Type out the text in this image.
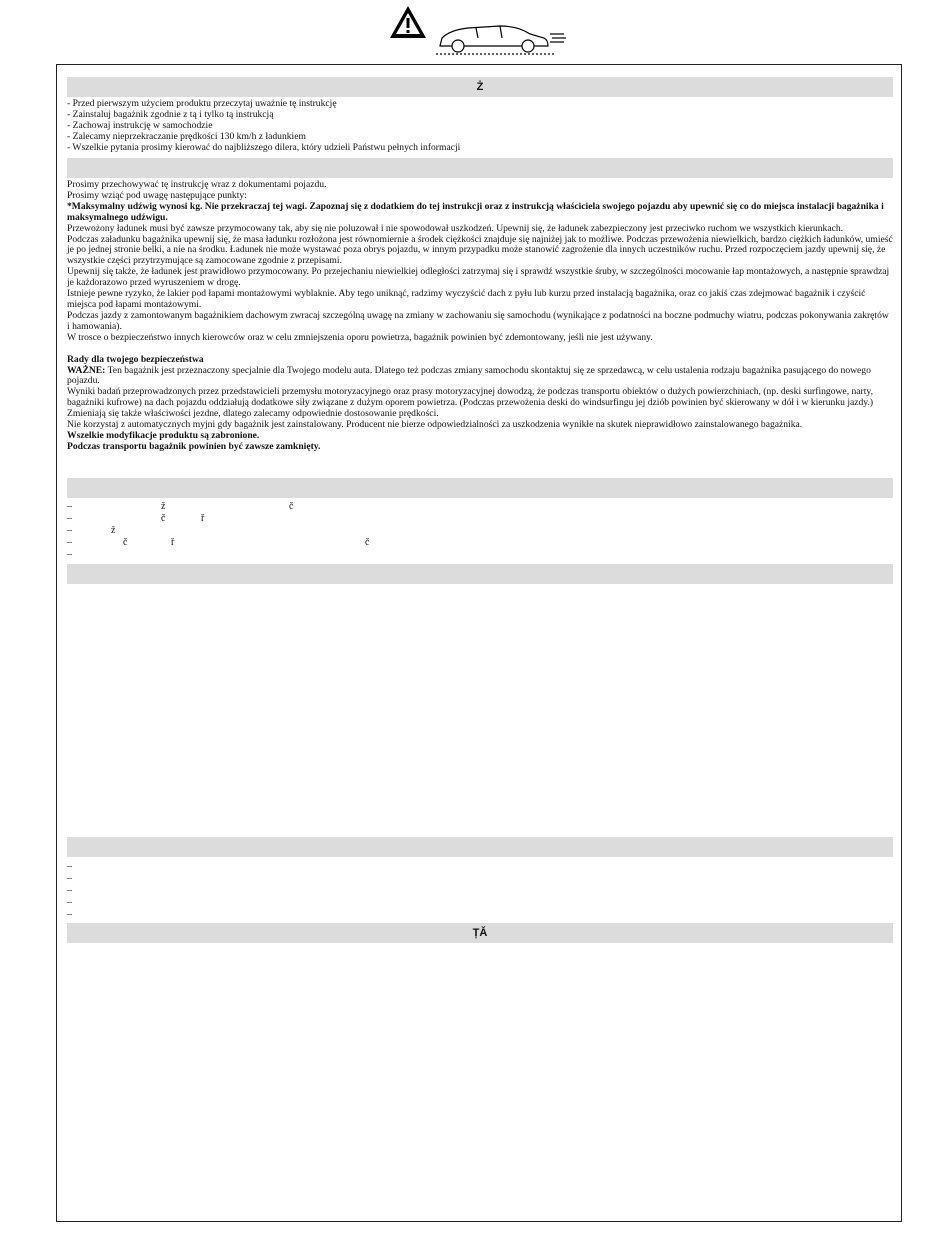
Ż

- Przed pierwszym użyciem produktu przeczytaj uważnie tę instrukcję

- Zainstaluj bagażnik zgodnie z tą i tylko tą instrukcją

- Zachowaj instrukcję w samochodzie

- Zalecamy nieprzekraczanie prędkości 130 km/h z ładunkiem

- Wszelkie pytania prosimy kierować do najbliższego dilera, który udzieli Państwu pełnych informacji

Prosimy przechowywać tę instrukcję wraz z dokumentami pojazdu.

Prosimy wziąć pod uwagę następujące punkty:

*Maksymalny udźwig wynosi kg. Nie przekraczaj tej wagi. Zapoznaj się z dodatkiem do tej instrukcji oraz z instrukcją właściciela swojego pojazdu aby upewnić się co do miejsca instalacji bagażnika i maksymalnego udźwigu.

Przewożony ładunek musi być zawsze przymocowany tak, aby się nie poluzował i nie spowodował uszkodzeń. Upewnij się, że ładunek zabezpieczony jest przeciwko ruchom we wszystkich kierunkach.

Podczas załadunku bagażnika upewnij się, że masa ładunku rozłożona jest równomiernie a środek ciężkości znajduje się najniżej jak to możliwe. Podczas przewożenia niewielkich, bardzo ciężkich ładunków, umieść je po jednej stronie belki, a nie na środku. Ładunek nie może wystawać poza obrys pojazdu, w innym przypadku może stanowić zagrożenie dla innych uczestników ruchu. Przed rozpoczęciem jazdy upewnij się, że wszystkie części przytrzymujące są zamocowane zgodnie z przepisami.

Upewnij się także, że ładunek jest prawidłowo przymocowany. Po przejechaniu niewielkiej odległości zatrzymaj się i sprawdź wszystkie śruby, w szczególności mocowanie łap montażowych, a następnie sprawdzaj je każdorazowo przed wyruszeniem w drogę.

Istnieje pewne ryzyko, że lakier pod łapami montażowymi wyblaknie. Aby tego uniknąć, radzimy wyczyścić dach z pyłu lub kurzu przed instalacją bagażnika, oraz co jakiś czas zdejmować bagażnik i czyścić miejsca pod łapami montażowymi.

Podczas jazdy z zamontowanym bagażnikiem dachowym zwracaj szczególną uwagę na zmiany w zachowaniu się samochodu (wynikające z podatności na boczne podmuchy wiatru, podczas pokonywania zakrętów i hamowania).

W trosce o bezpieczeństwo innych kierowców oraz w celu zmniejszenia oporu powietrza, bagażnik powinien być zdemontowany, jeśli nie jest używany.

Rady dla twojego bezpieczeństwa

WAŻNE: Ten bagażnik jest przeznaczony specjalnie dla Twojego modelu auta. Dlatego też podczas zmiany samochodu skontaktuj się ze sprzedawcą, w celu ustalenia rodzaju bagażnika pasującego do nowego pojazdu.

Wyniki badań przeprowadzonych przez przedstawicieli przemysłu motoryzacyjnego oraz prasy motoryzacyjnej dowodzą, że podczas transportu obiektów o dużych powierzchniach, (np. deski surfingowe, narty, bagażniki kufrowe) na dach pojazdu oddziałują dodatkowe siły związane z dużym oporem powietrza. (Podczas przewożenia deski do windsurfingu jej dziób powinien być skierowany w dół i w kierunku jazdy.) Zmieniają się także właściwości jezdne, dlatego zalecamy odpowiednie dostosowanie prędkości.

Nie korzystaj z automatycznych myjni gdy bagażnik jest zainstalowany. Producent nie bierze odpowiedzialności za uszkodzenia wynikłe na skutek nieprawidłowo zainstalowanego bagażnika.

Wszelkie modyfikacje produktu są zabronione.

Podczas transportu bagażnik powinien być zawsze zamknięty.

–
–
–
–
–
ž	č
č	ř
ž
č	ř	č
–
–
–
–
–
ȚĂ
